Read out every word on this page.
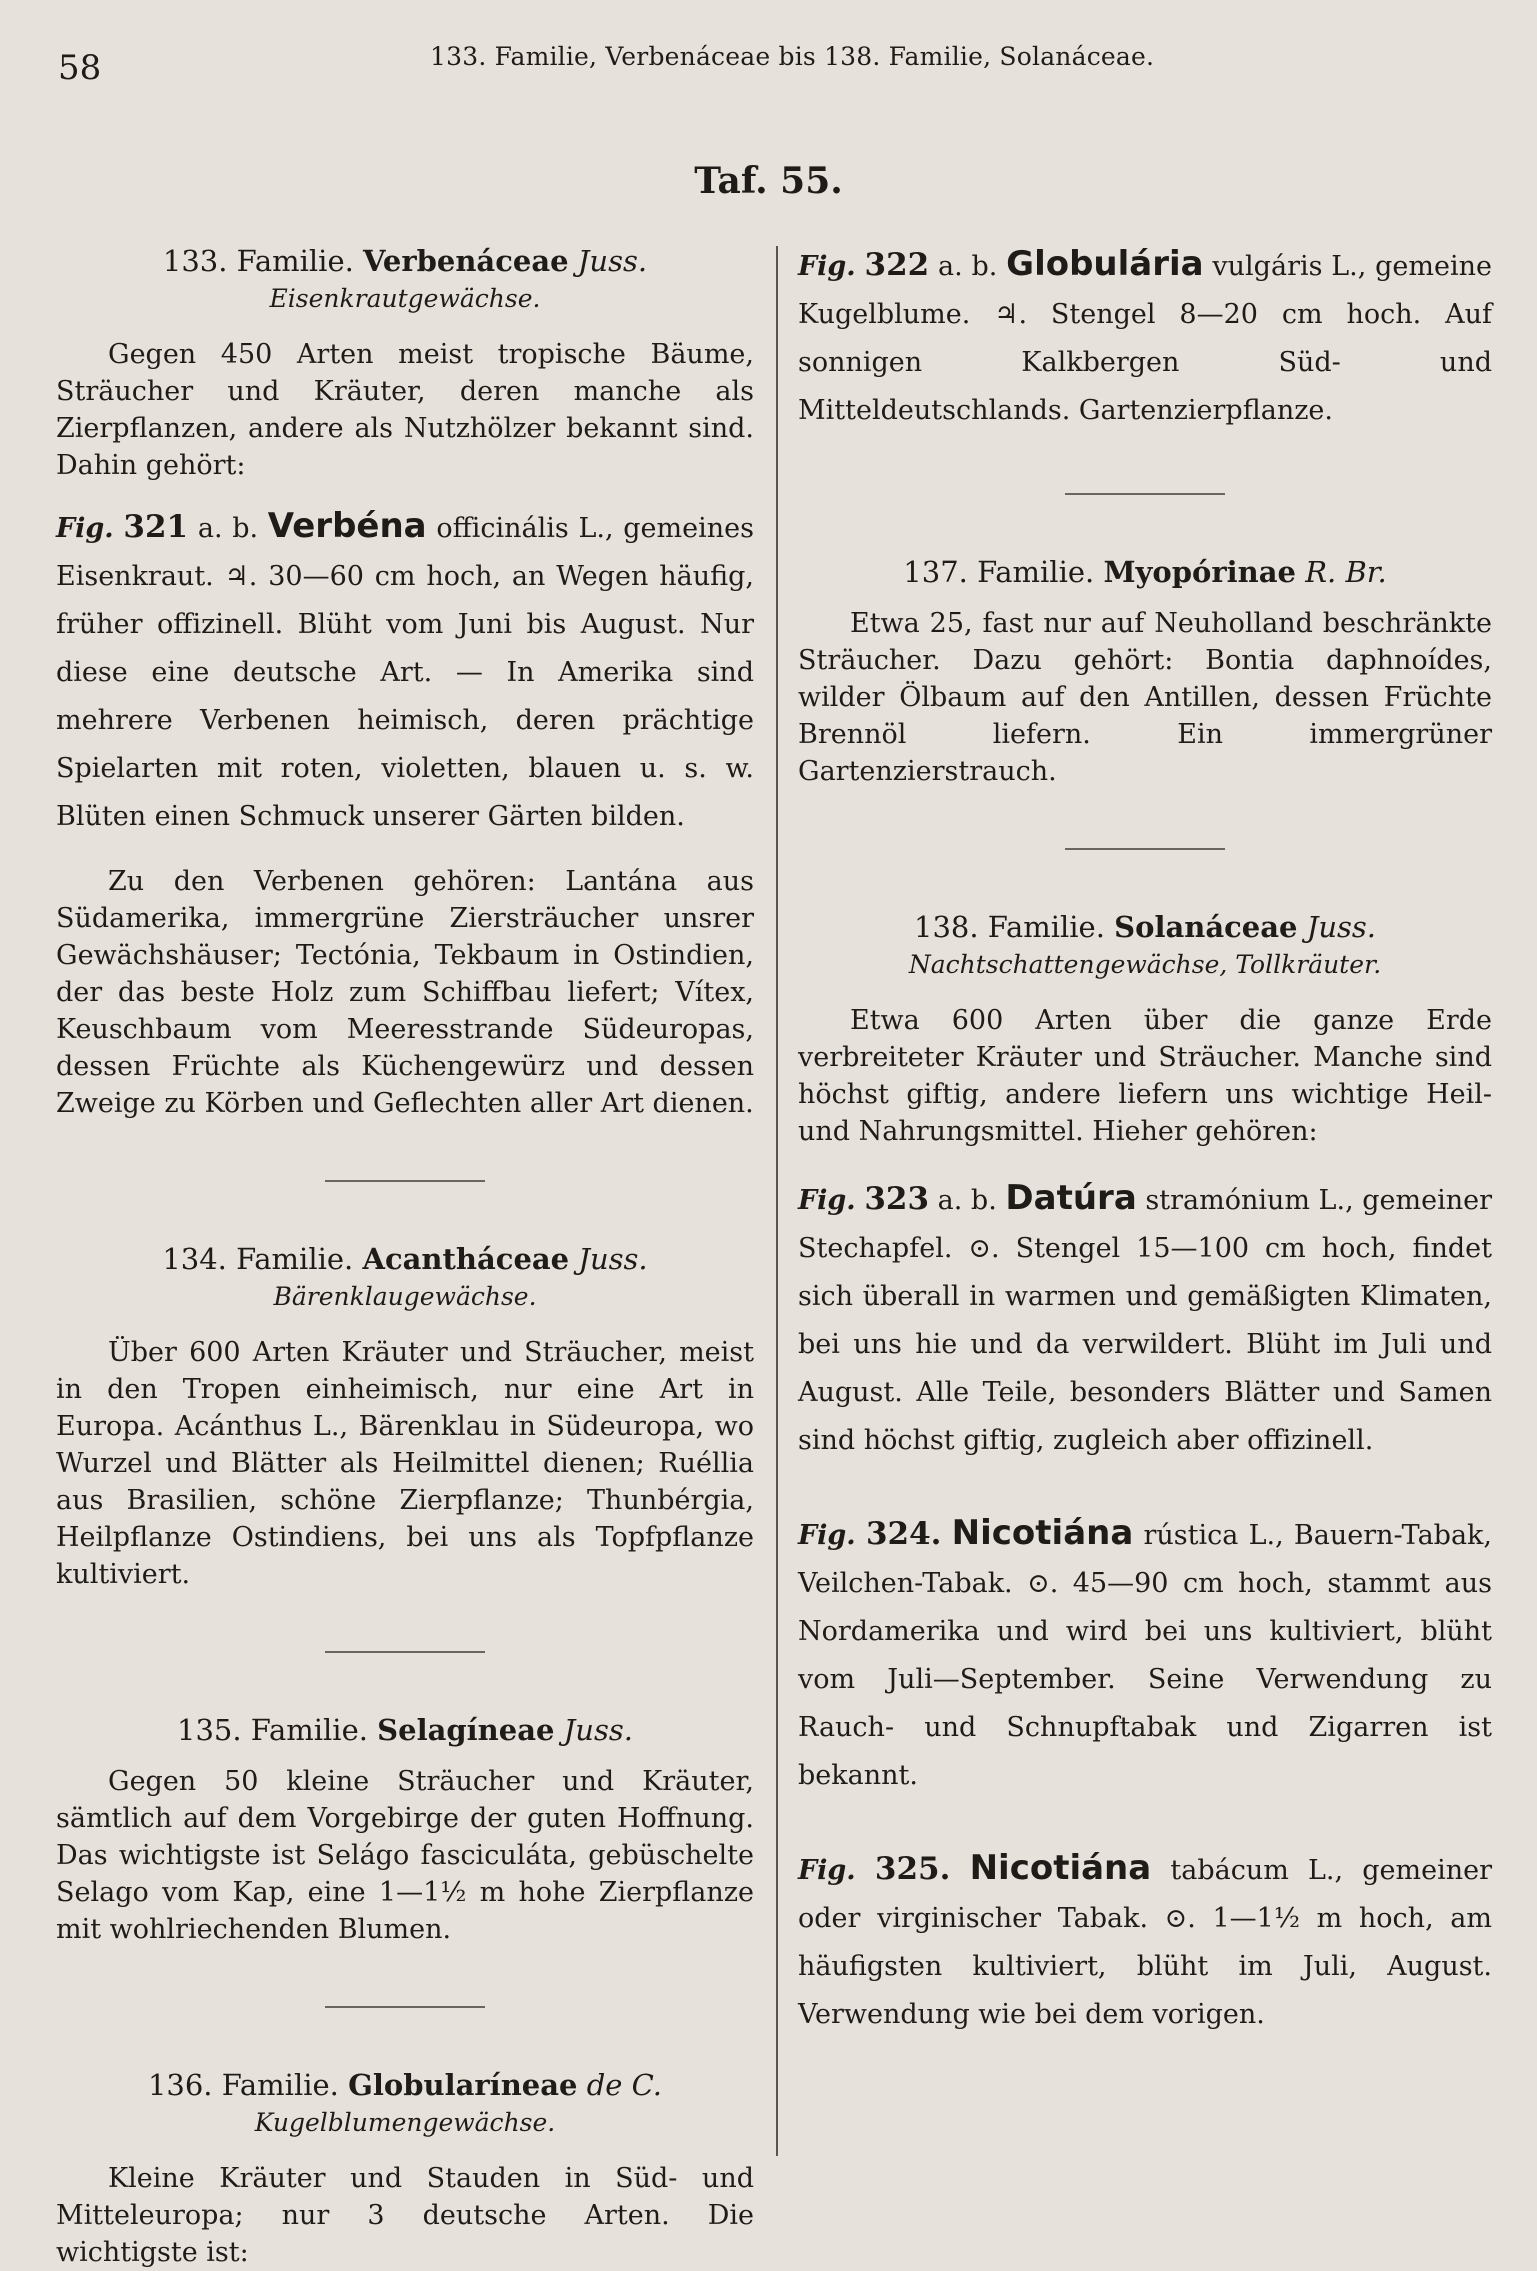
58	133. Familie, Verbenáceae bis 138. Familie, Solanáceae.
Taf. 55.

133. Familie. Verbenáceae Juss.

Eisenkrautgewächse.

Gegen 450 Arten meist tropische Bäume, Sträucher und Kräuter, deren manche als Zierpflanzen, andere als Nutzhölzer bekannt sind. Dahin gehört:

Fig. 321 a. b. Verbéna officinális L., gemeines Eisenkraut. ♃. 30—60 cm hoch, an Wegen häufig, früher offizinell. Blüht vom Juni bis August. Nur diese eine deutsche Art. — In Amerika sind mehrere Verbenen heimisch, deren prächtige Spielarten mit roten, violetten, blauen u. s. w. Blüten einen Schmuck unserer Gärten bilden.

Zu den Verbenen gehören: Lantána aus Südamerika, immergrüne Ziersträucher unsrer Gewächshäuser; Tectónia, Tekbaum in Ostindien, der das beste Holz zum Schiffbau liefert; Vítex, Keuschbaum vom Meeresstrande Südeuropas, dessen Früchte als Küchengewürz und dessen Zweige zu Körben und Geflechten aller Art dienen.

134. Familie. Acantháceae Juss.

Bärenklaugewächse.

Über 600 Arten Kräuter und Sträucher, meist in den Tropen einheimisch, nur eine Art in Europa. Acánthus L., Bärenklau in Südeuropa, wo Wurzel und Blätter als Heilmittel dienen; Ruéllia aus Brasilien, schöne Zierpflanze; Thunbérgia, Heilpflanze Ostindiens, bei uns als Topfpflanze kultiviert.

135. Familie. Selagíneae Juss.

Gegen 50 kleine Sträucher und Kräuter, sämtlich auf dem Vorgebirge der guten Hoffnung. Das wichtigste ist Selágo fasciculáta, gebüschelte Selago vom Kap, eine 1—1½ m hohe Zierpflanze mit wohlriechenden Blumen.

136. Familie. Globularíneae de C.

Kugelblumengewächse.

Kleine Kräuter und Stauden in Süd- und Mitteleuropa; nur 3 deutsche Arten. Die wichtigste ist:

Fig. 322 a. b. Globulária vulgáris L., gemeine Kugelblume. ♃. Stengel 8—20 cm hoch. Auf sonnigen Kalkbergen Süd- und Mitteldeutschlands. Gartenzierpflanze.

137. Familie. Myopórinae R. Br.

Etwa 25, fast nur auf Neuholland beschränkte Sträucher. Dazu gehört: Bontia daphnoídes, wilder Ölbaum auf den Antillen, dessen Früchte Brennöl liefern. Ein immergrüner Gartenzierstrauch.

138. Familie. Solanáceae Juss.

Nachtschattengewächse, Tollkräuter.

Etwa 600 Arten über die ganze Erde verbreiteter Kräuter und Sträucher. Manche sind höchst giftig, andere liefern uns wichtige Heil- und Nahrungsmittel. Hieher gehören:

Fig. 323 a. b. Datúra stramónium L., gemeiner Stechapfel. ⊙. Stengel 15—100 cm hoch, findet sich überall in warmen und gemäßigten Klimaten, bei uns hie und da verwildert. Blüht im Juli und August. Alle Teile, besonders Blätter und Samen sind höchst giftig, zugleich aber offizinell.

Fig. 324. Nicotiána rústica L., Bauern-Tabak, Veilchen-Tabak. ⊙. 45—90 cm hoch, stammt aus Nordamerika und wird bei uns kultiviert, blüht vom Juli—September. Seine Verwendung zu Rauch- und Schnupftabak und Zigarren ist bekannt.

Fig. 325. Nicotiána tabácum L., gemeiner oder virginischer Tabak. ⊙. 1—1½ m hoch, am häufigsten kultiviert, blüht im Juli, August. Verwendung wie bei dem vorigen.
